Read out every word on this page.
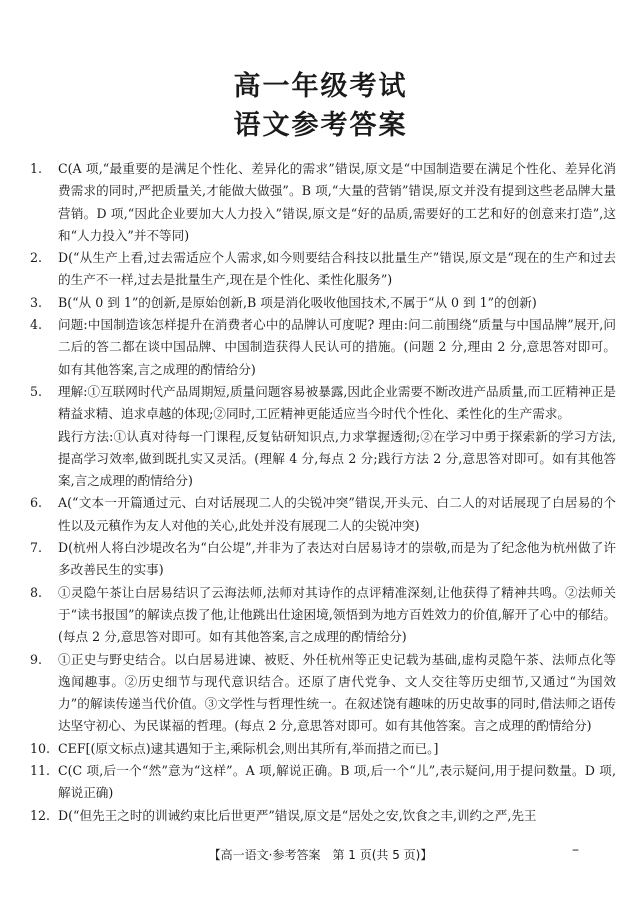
高一年级考试
语文参考答案
1. C(A 项,“最重要的是满足个性化、差异化的需求”错误,原文是“中国制造要在满足个性化、差异化消费需求的同时,严把质量关,才能做大做强”。B 项,“大量的营销”错误,原文并没有提到这些老品牌大量营销。D 项,“因此企业要加大人力投入”错误,原文是“好的品质,需要好的工艺和好的创意来打造”,这和“人力投入”并不等同)
2. D(“从生产上看,过去需适应个人需求,如今则要结合科技以批量生产”错误,原文是“现在的生产和过去的生产不一样,过去是批量生产,现在是个性化、柔性化服务”)
3. B(“从 0 到 1”的创新,是原始创新,B 项是消化吸收他国技术,不属于“从 0 到 1”的创新)
4. 问题:中国制造该怎样提升在消费者心中的品牌认可度呢? 理由:问二前围绕“质量与中国品牌”展开,问二后的答二都在谈中国品牌、中国制造获得人民认可的措施。(问题 2 分,理由 2 分,意思答对即可。如有其他答案,言之成理的酌情给分)
5. 理解:①互联网时代产品周期短,质量问题容易被暴露,因此企业需要不断改进产品质量,而工匠精神正是精益求精、追求卓越的体现;②同时,工匠精神更能适应当今时代个性化、柔性化的生产需求。
践行方法:①认真对待每一门课程,反复钻研知识点,力求掌握透彻;②在学习中勇于探索新的学习方法,提高学习效率,做到既扎实又灵活。(理解 4 分,每点 2 分;践行方法 2 分,意思答对即可。如有其他答案,言之成理的酌情给分)
6. A(“文本一开篇通过元、白对话展现二人的尖锐冲突”错误,开头元、白二人的对话展现了白居易的个性以及元稹作为友人对他的关心,此处并没有展现二人的尖锐冲突)
7. D(杭州人将白沙堤改名为“白公堤”,并非为了表达对白居易诗才的崇敬,而是为了纪念他为杭州做了许多改善民生的实事)
8. ①灵隐午茶让白居易结识了云海法师,法师对其诗作的点评精准深刻,让他获得了精神共鸣。②法师关于“读书报国”的解读点拨了他,让他跳出仕途困境,领悟到为地方百姓效力的价值,解开了心中的郁结。(每点 2 分,意思答对即可。如有其他答案,言之成理的酌情给分)
9. ①正史与野史结合。以白居易进谏、被贬、外任杭州等正史记载为基础,虚构灵隐午茶、法师点化等逸闻趣事。②历史细节与现代意识结合。还原了唐代党争、文人交往等历史细节,又通过“为国效力”的解读传递当代价值。③文学性与哲理性统一。在叙述饶有趣味的历史故事的同时,借法师之语传达坚守初心、为民谋福的哲理。(每点 2 分,意思答对即可。如有其他答案。言之成理的酌情给分)
10. CEF[(原文标点)逮其遇知于主,乘际机会,则出其所有,举而措之而已。]
11. C(C 项,后一个“然”意为“这样”。A 项,解说正确。B 项,后一个“儿”,表示疑问,用于提问数量。D 项,解说正确)
12. D(“但先王之时的训诫约束比后世更严”错误,原文是“居处之安,饮食之丰,训约之严,先王
【高一语文·参考答案　第 1 页(共 5 页)】	–
